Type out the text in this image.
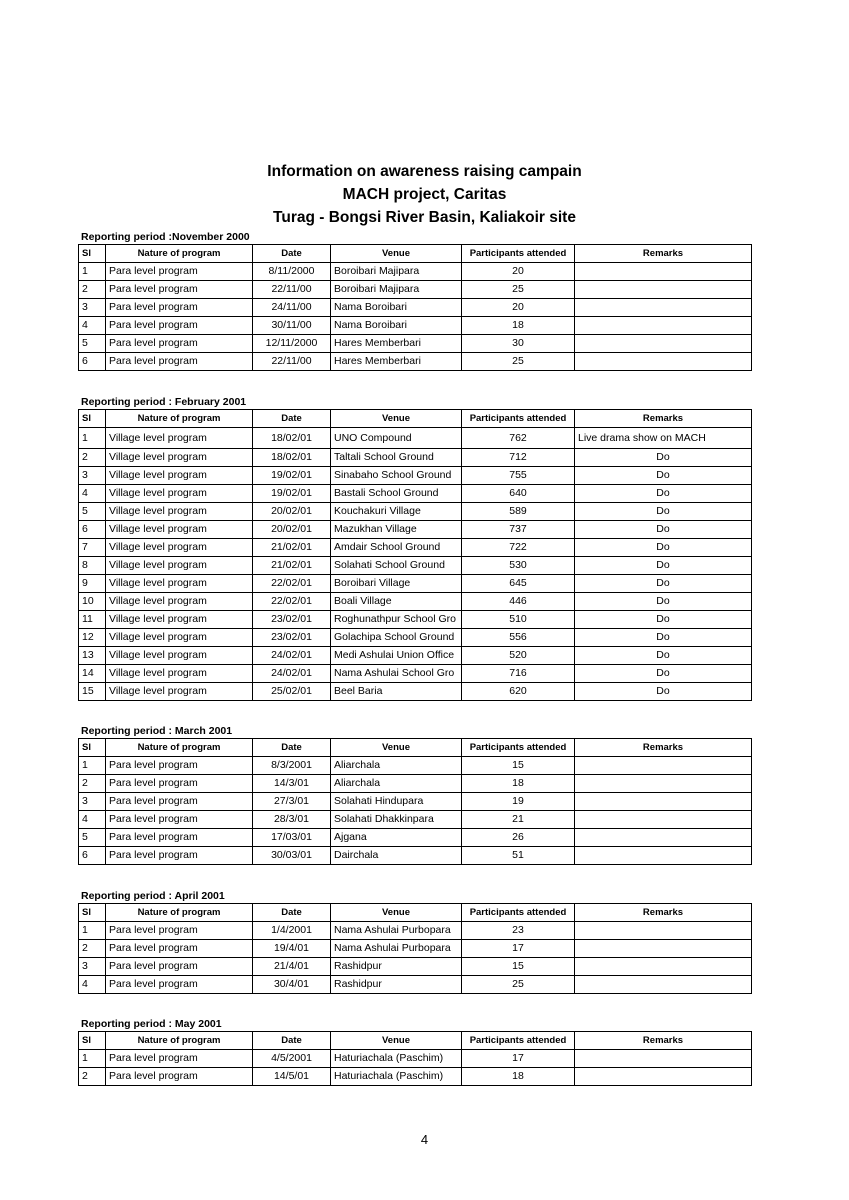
Information on awareness raising campain
MACH project, Caritas
Turag - Bongsi River Basin, Kaliakoir site
Reporting period :November 2000
Sl	Nature of program	Date	Venue	Participants attended	Remarks
1	Para level program	8/11/2000	Boroibari Majipara	20	
2	Para level program	22/11/00	Boroibari Majipara	25	
3	Para level program	24/11/00	Nama Boroibari	20	
4	Para level program	30/11/00	Nama Boroibari	18	
5	Para level program	12/11/2000	Hares Memberbari	30	
6	Para level program	22/11/00	Hares Memberbari	25	
Reporting period : February 2001
Sl	Nature of program	Date	Venue	Participants attended	Remarks
1	Village level program	18/02/01	UNO Compound	762	Live drama show on MACH
2	Village level program	18/02/01	Taltali School Ground	712	Do
3	Village level program	19/02/01	Sinabaho School Ground	755	Do
4	Village level program	19/02/01	Bastali School Ground	640	Do
5	Village level program	20/02/01	Kouchakuri Village	589	Do
6	Village level program	20/02/01	Mazukhan Village	737	Do
7	Village level program	21/02/01	Amdair School Ground	722	Do
8	Village level program	21/02/01	Solahati School Ground	530	Do
9	Village level program	22/02/01	Boroibari Village	645	Do
10	Village level program	22/02/01	Boali Village	446	Do
11	Village level program	23/02/01	Roghunathpur School Gro	510	Do
12	Village level program	23/02/01	Golachipa School Ground	556	Do
13	Village level program	24/02/01	Medi Ashulai Union Office	520	Do
14	Village level program	24/02/01	Nama Ashulai School Gro	716	Do
15	Village level program	25/02/01	Beel Baria	620	Do
Reporting period : March 2001
Sl	Nature of program	Date	Venue	Participants attended	Remarks
1	Para level program	8/3/2001	Aliarchala	15	
2	Para level program	14/3/01	Aliarchala	18	
3	Para level program	27/3/01	Solahati Hindupara	19	
4	Para level program	28/3/01	Solahati Dhakkinpara	21	
5	Para level program	17/03/01	Ajgana	26	
6	Para level program	30/03/01	Dairchala	51	
Reporting period : April 2001
Sl	Nature of program	Date	Venue	Participants attended	Remarks
1	Para level program	1/4/2001	Nama Ashulai Purbopara	23	
2	Para level program	19/4/01	Nama Ashulai Purbopara	17	
3	Para level program	21/4/01	Rashidpur	15	
4	Para level program	30/4/01	Rashidpur	25	
Reporting period : May 2001
Sl	Nature of program	Date	Venue	Participants attended	Remarks
1	Para level program	4/5/2001	Haturiachala (Paschim)	17	
2	Para level program	14/5/01	Haturiachala (Paschim)	18	
4
